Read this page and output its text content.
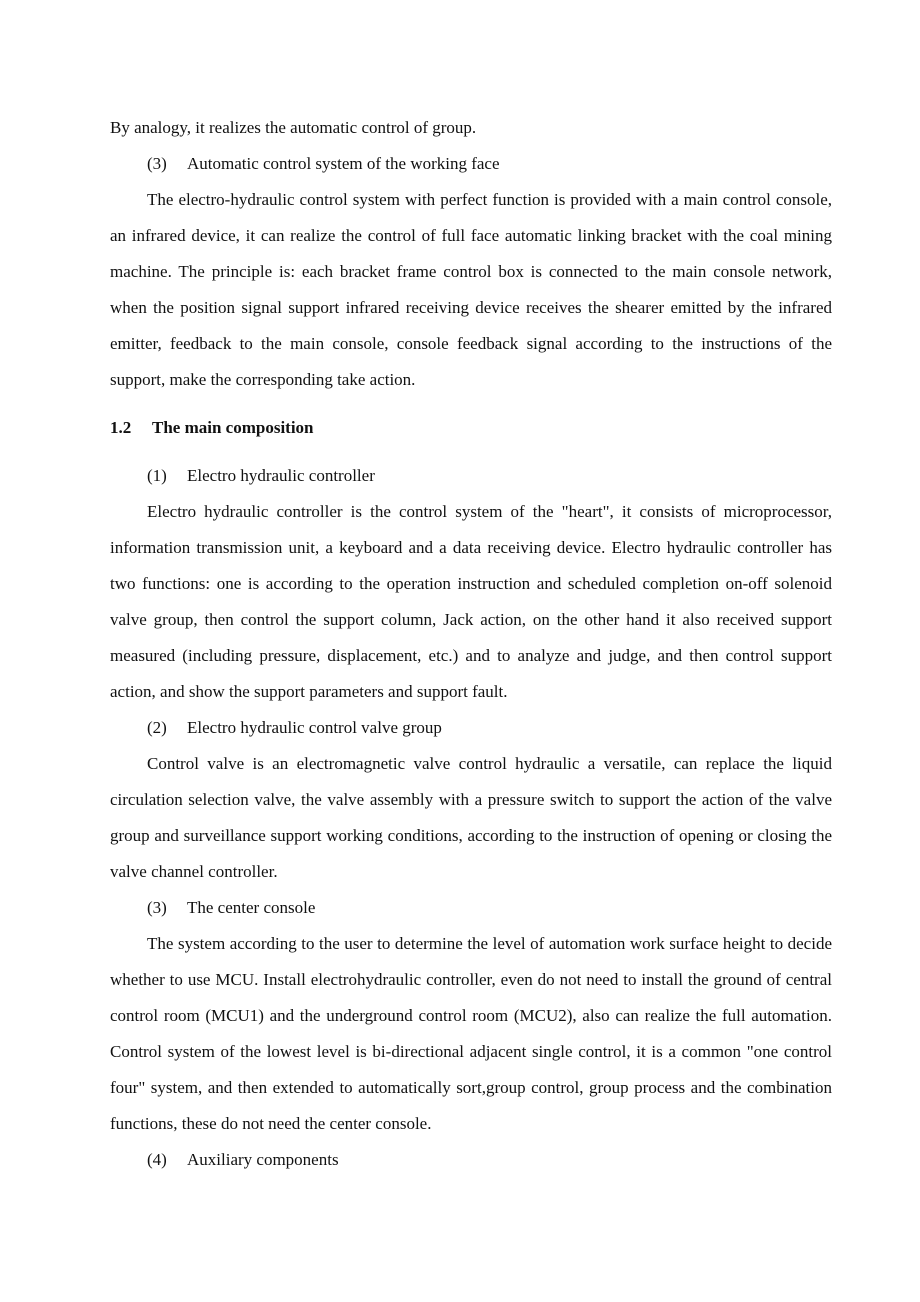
By analogy, it realizes the automatic control of group.

(3) Automatic control system of the working face

The electro-hydraulic control system with perfect function is provided with a main control console, an infrared device, it can realize the control of full face automatic linking bracket with the coal mining machine. The principle is: each bracket frame control box is connected to the main console network, when the position signal support infrared receiving device receives the shearer emitted by the infrared emitter, feedback to the main console, console feedback signal according to the instructions of the support, make the corresponding take action.

1.2 The main composition

(1) Electro hydraulic controller

Electro hydraulic controller is the control system of the "heart", it consists of microprocessor, information transmission unit, a keyboard and a data receiving device. Electro hydraulic controller has two functions: one is according to the operation instruction and scheduled completion on-off solenoid valve group, then control the support column, Jack action, on the other hand it also received support measured (including pressure, displacement, etc.) and to analyze and judge, and then control support action, and show the support parameters and support fault.

(2) Electro hydraulic control valve group

Control valve is an electromagnetic valve control hydraulic a versatile, can replace the liquid circulation selection valve, the valve assembly with a pressure switch to support the action of the valve group and surveillance support working conditions, according to the instruction of opening or closing the valve channel controller.

(3) The center console

The system according to the user to determine the level of automation work surface height to decide whether to use MCU. Install electrohydraulic controller, even do not need to install the ground of central control room (MCU1) and the underground control room (MCU2), also can realize the full automation. Control system of the lowest level is bi-directional adjacent single control, it is a common "one control four" system, and then extended to automatically sort,group control, group process and the combination functions, these do not need the center console.

(4) Auxiliary components
